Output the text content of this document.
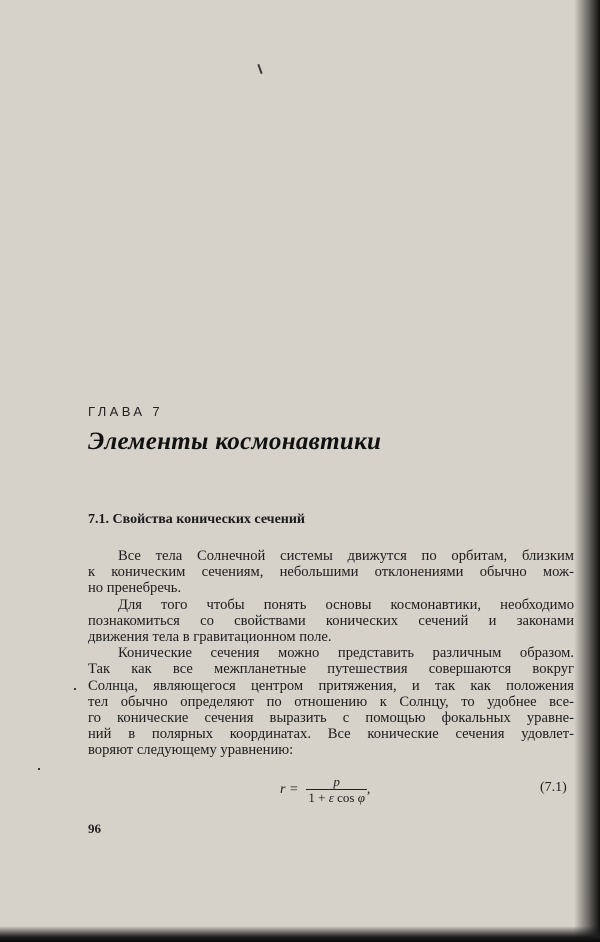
ГЛАВА 7
Элементы космонавтики
7.1. Свойства конических сечений

Все тела Солнечной системы движутся по орбитам, близким
к коническим сечениям, небольшими отклонениями обычно мож-
но пренебречь.

Для того чтобы понять основы космонавтики, необходимо
познакомиться со свойствами конических сечений и законами
движения тела в гравитационном поле.

Конические сечения можно представить различным образом.
Так как все межпланетные путешествия совершаются вокруг
Солнца, являющегося центром притяжения, и так как положения
тел обычно определяют по отношению к Солнцу, то удобнее все-
го конические сечения выразить с помощью фокальных уравне-
ний в полярных координатах. Все конические сечения удовлет-
воряют следующему уравнению:

$r = \frac{p}{\text{1 + ε cos φ}}$ ,	(7.1)
96
